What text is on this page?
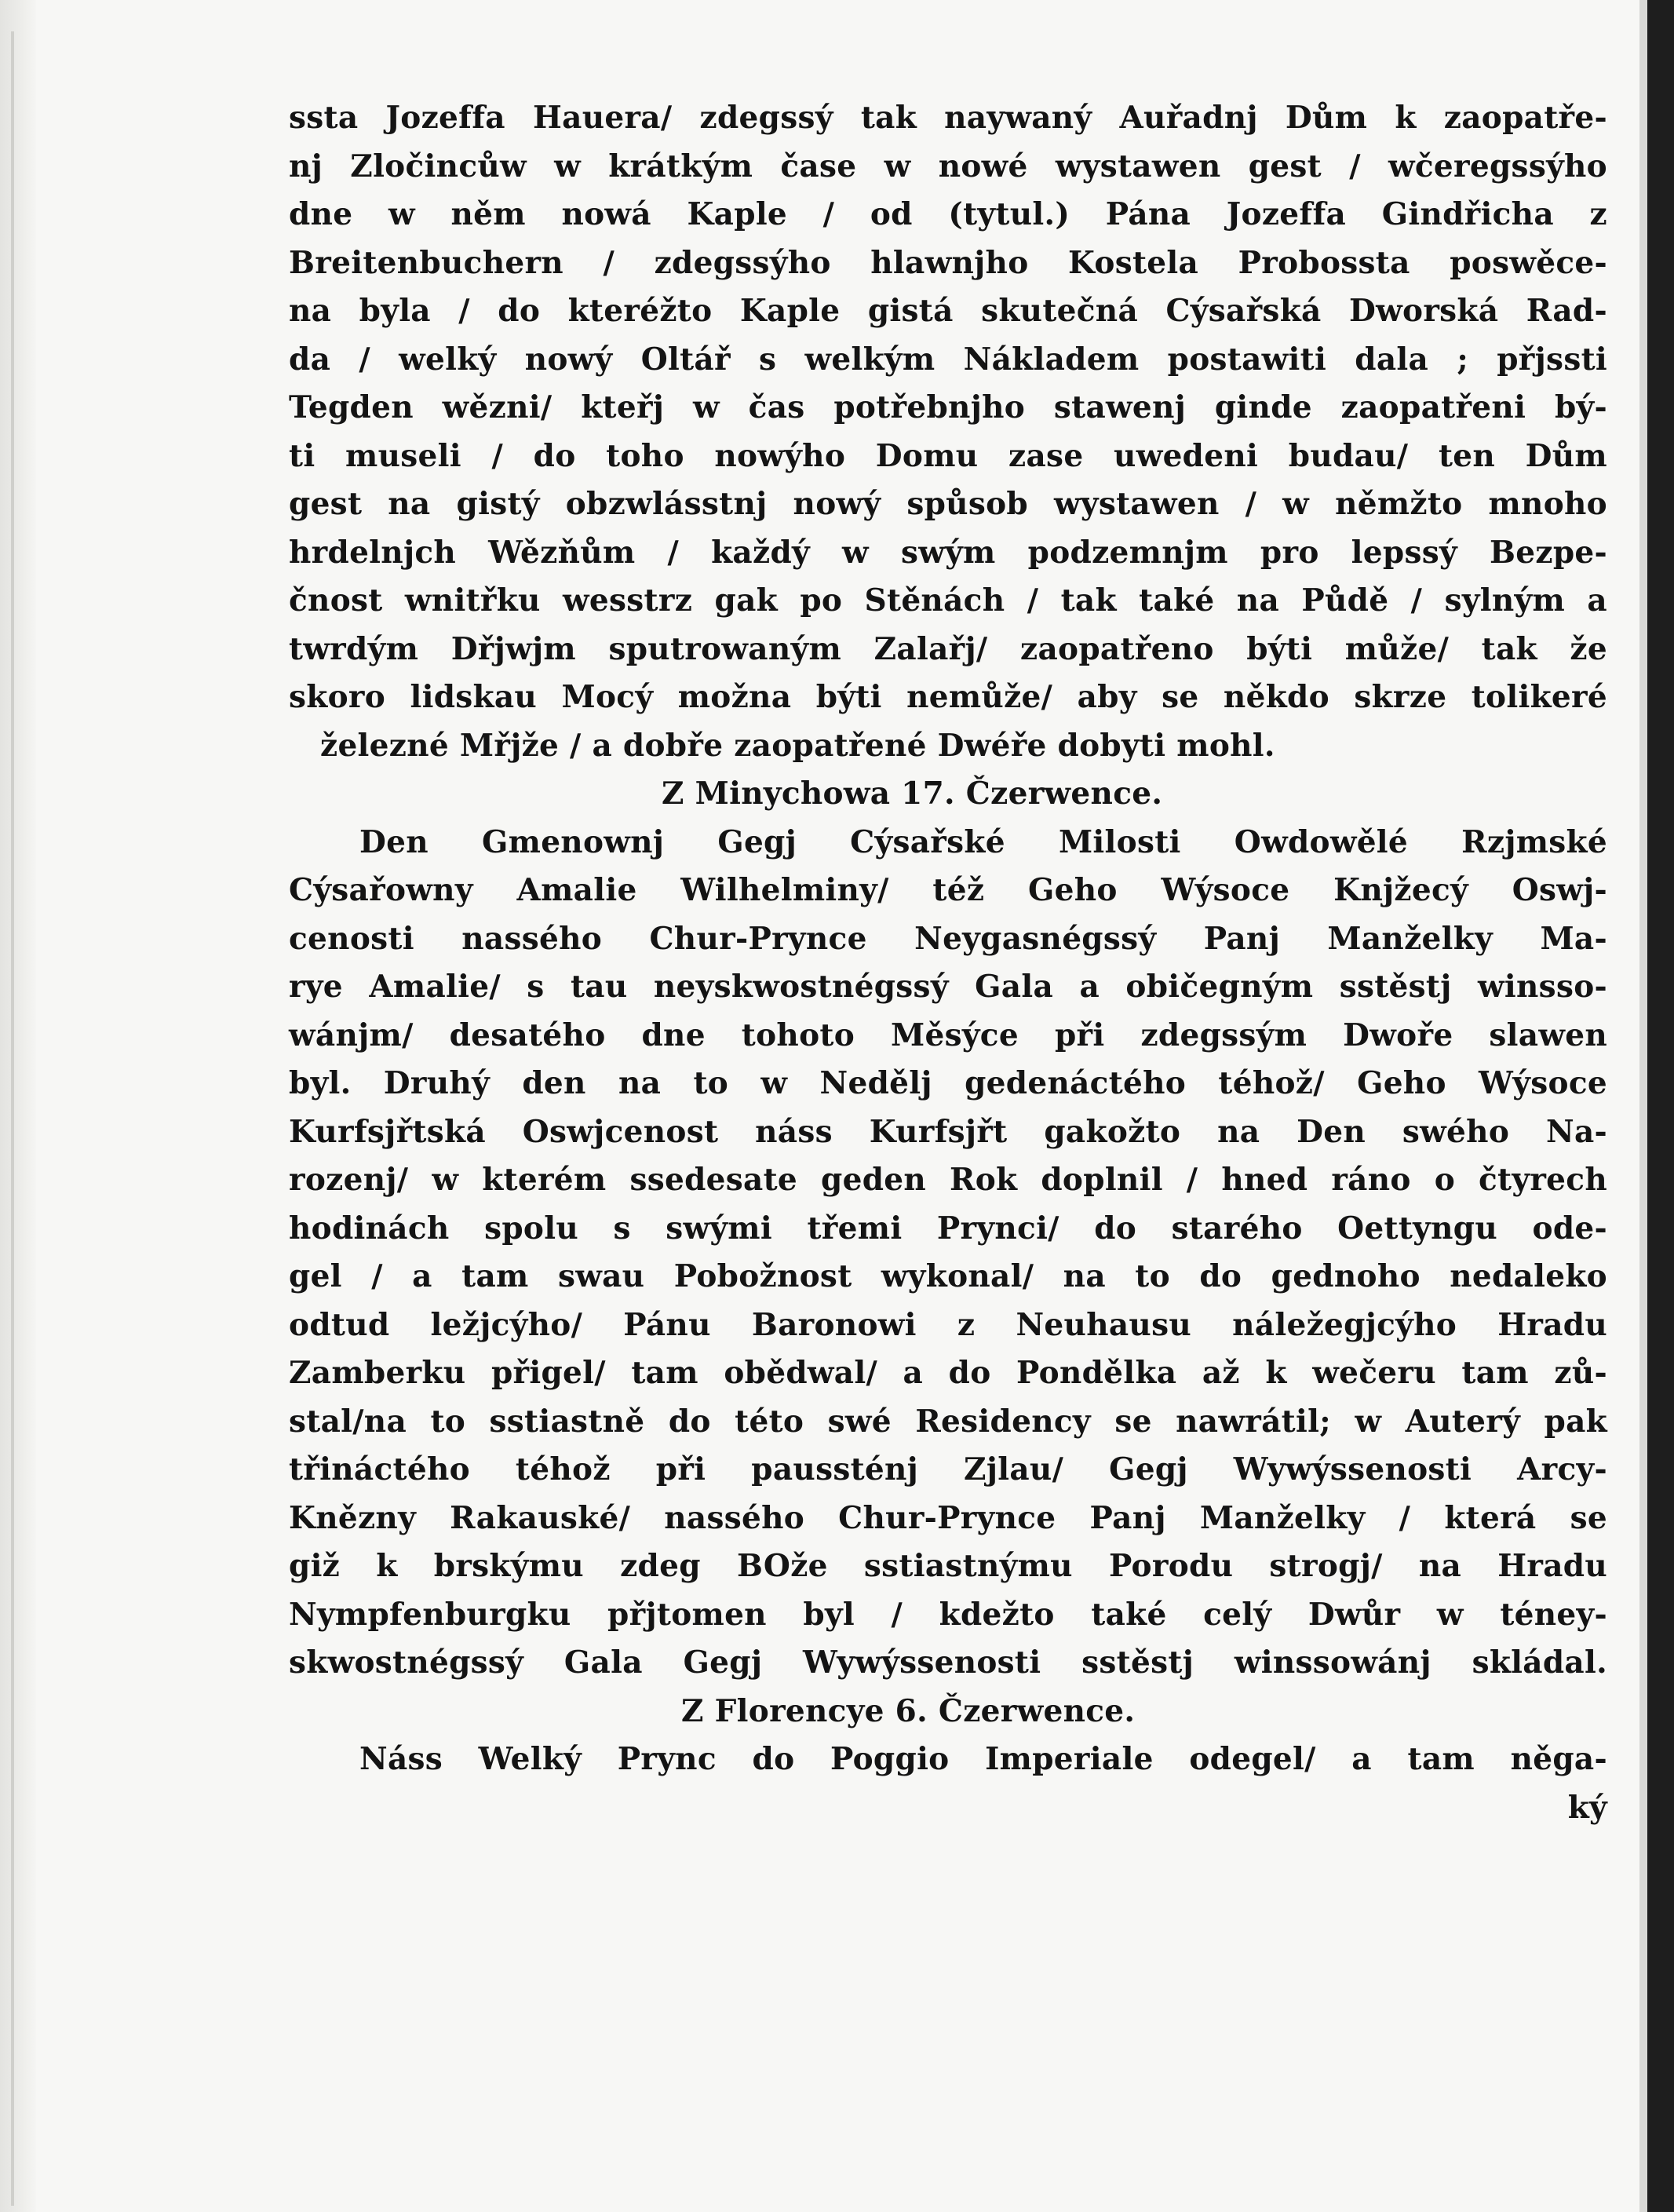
ssta Jozeffa Hauera/ zdegssý tak naywaný Auřadnj Dům k zaopatře-
nj Zločincůw w krátkým čase w nowé wystawen gest / wčeregssýho
dne w něm nowá Kaple / od (tytul.) Pána Jozeffa Gindřicha z
Breitenbuchern / zdegssýho hlawnjho Kostela Probossta poswěce-
na byla / do kteréžto Kaple gistá skutečná Cýsařská Dworská Rad-
da / welký nowý Oltář s welkým Nákladem postawiti dala ; přjssti
Tegden wězni/ kteřj w čas potřebnjho stawenj ginde zaopatřeni bý-
ti museli / do toho nowýho Domu zase uwedeni budau/ ten Dům
gest na gistý obzwlásstnj nowý spůsob wystawen / w němžto mnoho
hrdelnjch Wězňům / každý w swým podzemnjm pro lepssý Bezpe-
čnost wnitřku wesstrz gak po Stěnách / tak také na Půdě / sylným a
twrdým Dřjwjm sputrowaným Zalařj/ zaopatřeno býti může/ tak že
skoro lidskau Mocý možna býti nemůže/ aby se někdo skrze tolikeré
železné Mřjže / a dobře zaopatřené Dwéře dobyti mohl.
Z Minychowa 17. Čzerwence.
Den Gmenownj Gegj Cýsařské Milosti Owdowělé Rzjmské
Cýsařowny Amalie Wilhelminy/ též Geho Wýsoce Knjžecý Oswj-
cenosti nassého Chur-Prynce Neygasnégssý Panj Manželky Ma-
rye Amalie/ s tau neyskwostnégssý Gala a običegným sstěstj winsso-
wánjm/ desatého dne tohoto Měsýce při zdegssým Dwoře slawen
byl. Druhý den na to w Nedělj gedenáctého téhož/ Geho Wýsoce
Kurfsjřtská Oswjcenost náss Kurfsjřt gakožto na Den swého Na-
rozenj/ w kterém ssedesate geden Rok doplnil / hned ráno o čtyrech
hodinách spolu s swými třemi Prynci/ do starého Oettyngu ode-
gel / a tam swau Pobožnost wykonal/ na to do gednoho nedaleko
odtud ležjcýho/ Pánu Baronowi z Neuhausu náležegjcýho Hradu
Zamberku přigel/ tam obědwal/ a do Pondělka až k wečeru tam zů-
stal/na to sstiastně do této swé Residency se nawrátil; w Auterý pak
třináctého téhož při paussténj Zjlau/ Gegj Wywýssenosti Arcy-
Knězny Rakauské/ nassého Chur-Prynce Panj Manželky / která se
giž k brskýmu zdeg BOže sstiastnýmu Porodu strogj/ na Hradu
Nympfenburgku přjtomen byl / kdežto také celý Dwůr w téney-
skwostnégssý Gala Gegj Wywýssenosti sstěstj winssowánj skládal.
Z Florencye 6. Čzerwence.
Náss Welký Prync do Poggio Imperiale odegel/ a tam něga-
ký
